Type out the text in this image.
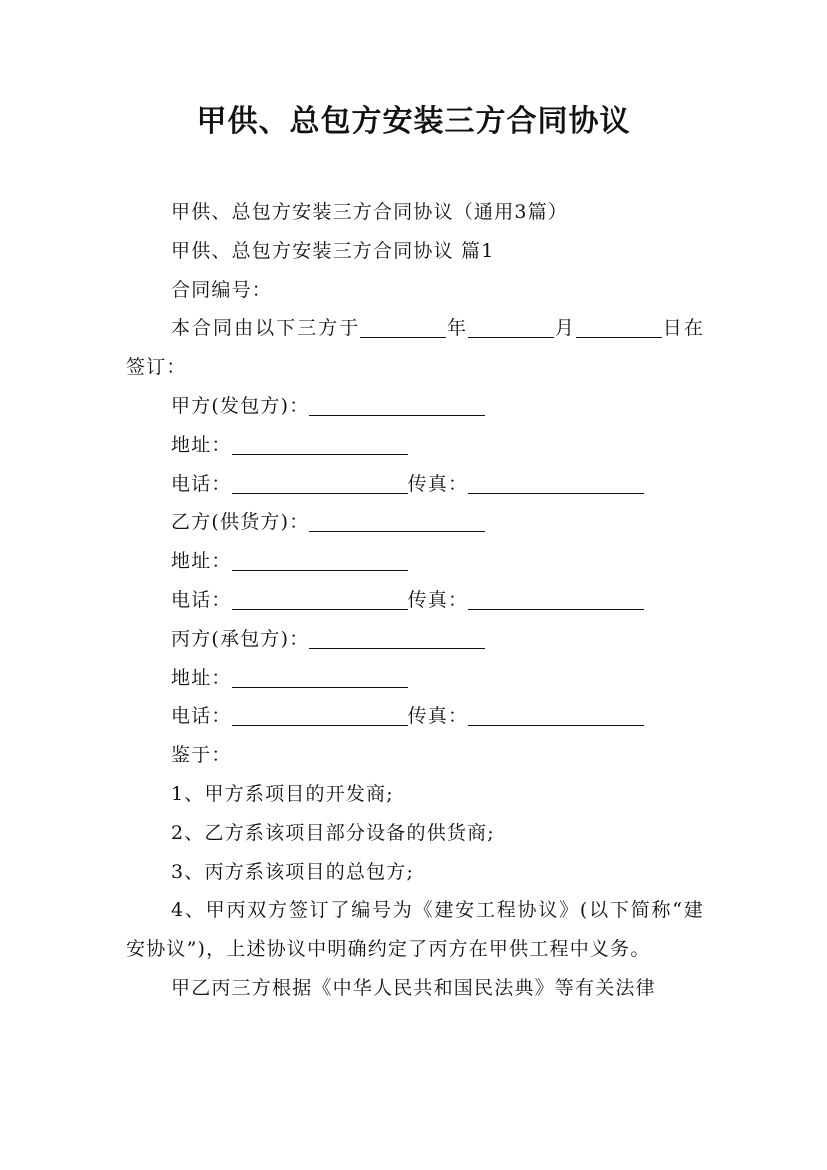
甲供、总包方安装三方合同协议

甲供、总包方安装三方合同协议（通用3篇）

甲供、总包方安装三方合同协议 篇1

合同编号：

本合同由以下三方于	年	月	日在签订：

甲方(发包方)：

地址：

电话：	传真：

乙方(供货方)：

地址：

电话：	传真：

丙方(承包方)：

地址：

电话：	传真：

鉴于：

1、甲方系项目的开发商;

2、乙方系该项目部分设备的供货商;

3、丙方系该项目的总包方;

4、甲丙双方签订了编号为《建安工程协议》(以下简称“建安协议”)，上述协议中明确约定了丙方在甲供工程中义务。

甲乙丙三方根据《中华人民共和国民法典》等有关法律
